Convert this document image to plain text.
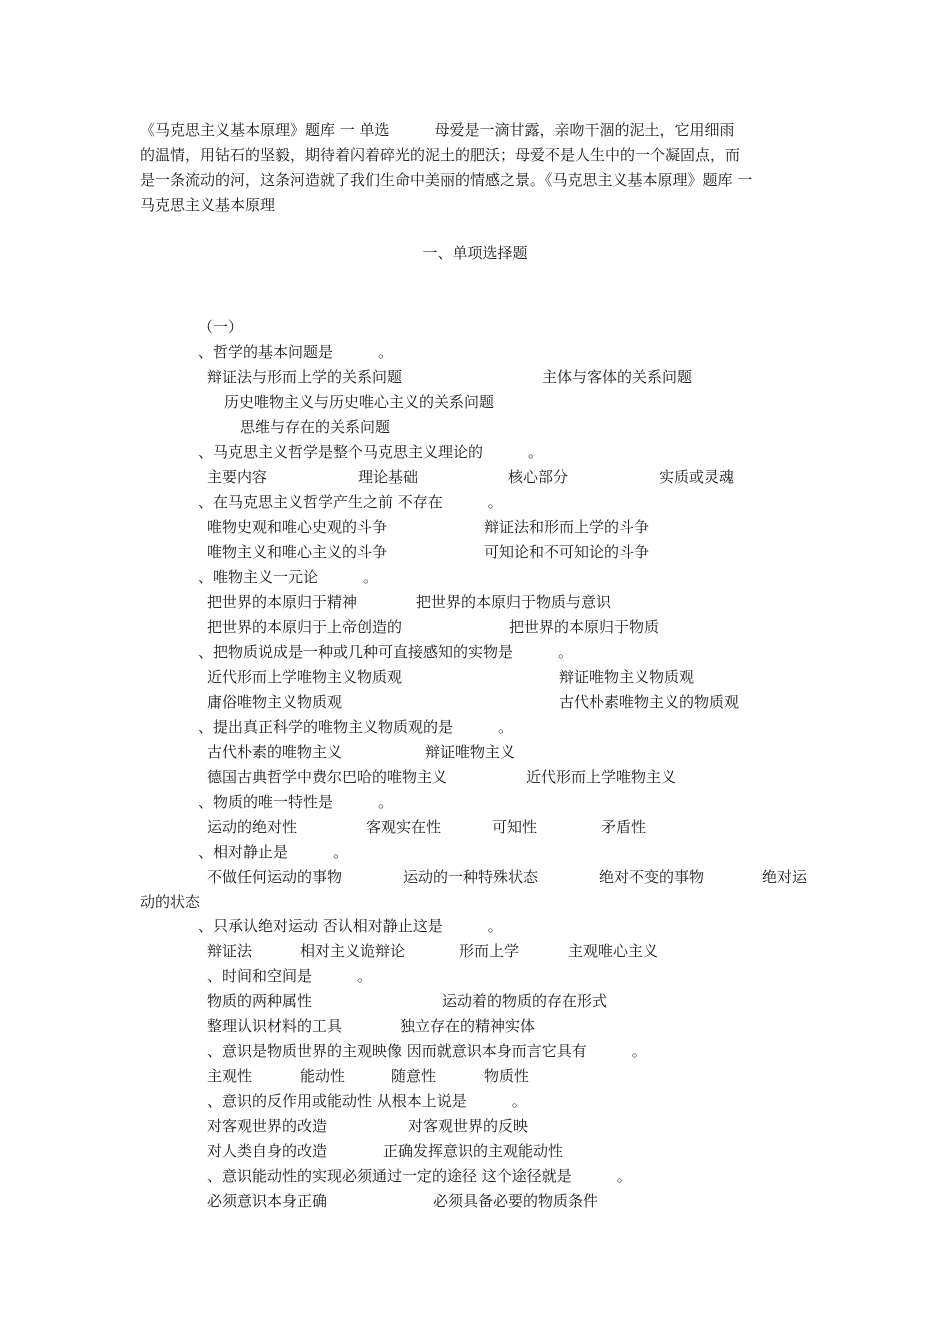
《马克思主义基本原理》题库 一 单选　　　母爱是一滴甘露，亲吻干涸的泥土，它用细雨

的温情，用钻石的坚毅，期待着闪着碎光的泥土的肥沃；母爱不是人生中的一个凝固点，而

是一条流动的河，这条河造就了我们生命中美丽的情感之景。《马克思主义基本原理》题库 一

马克思主义基本原理

一、单项选择题
（一）
、哲学的基本问题是　　　。
辩证法与形而上学的关系问题	主体与客体的关系问题
历史唯物主义与历史唯心主义的关系问题
思维与存在的关系问题
、马克思主义哲学是整个马克思主义理论的　　　。
主要内容	理论基础	核心部分	实质或灵魂
、在马克思主义哲学产生之前 不存在　　　。
唯物史观和唯心史观的斗争	辩证法和形而上学的斗争
唯物主义和唯心主义的斗争	可知论和不可知论的斗争
、唯物主义一元论　　　。
把世界的本原归于精神	把世界的本原归于物质与意识
把世界的本原归于上帝创造的	把世界的本原归于物质
、把物质说成是一种或几种可直接感知的实物是　　　。
近代形而上学唯物主义物质观	辩证唯物主义物质观
庸俗唯物主义物质观	古代朴素唯物主义的物质观
、提出真正科学的唯物主义物质观的是　　　。
古代朴素的唯物主义	辩证唯物主义
德国古典哲学中费尔巴哈的唯物主义	近代形而上学唯物主义
、物质的唯一特性是　　　。
运动的绝对性	客观实在性	可知性	矛盾性
、相对静止是　　　。
不做任何运动的事物	运动的一种特殊状态	绝对不变的事物	绝对运
动的状态
、只承认绝对运动 否认相对静止这是　　　。
辩证法	相对主义诡辩论	形而上学	主观唯心主义
、时间和空间是　　　。
物质的两种属性	运动着的物质的存在形式
整理认识材料的工具	独立存在的精神实体
、意识是物质世界的主观映像 因而就意识本身而言它具有　　　。
主观性	能动性	随意性	物质性
、意识的反作用或能动性 从根本上说是　　　。
对客观世界的改造	对客观世界的反映
对人类自身的改造	正确发挥意识的主观能动性
、意识能动性的实现必须通过一定的途径 这个途径就是　　　。
必须意识本身正确	必须具备必要的物质条件
